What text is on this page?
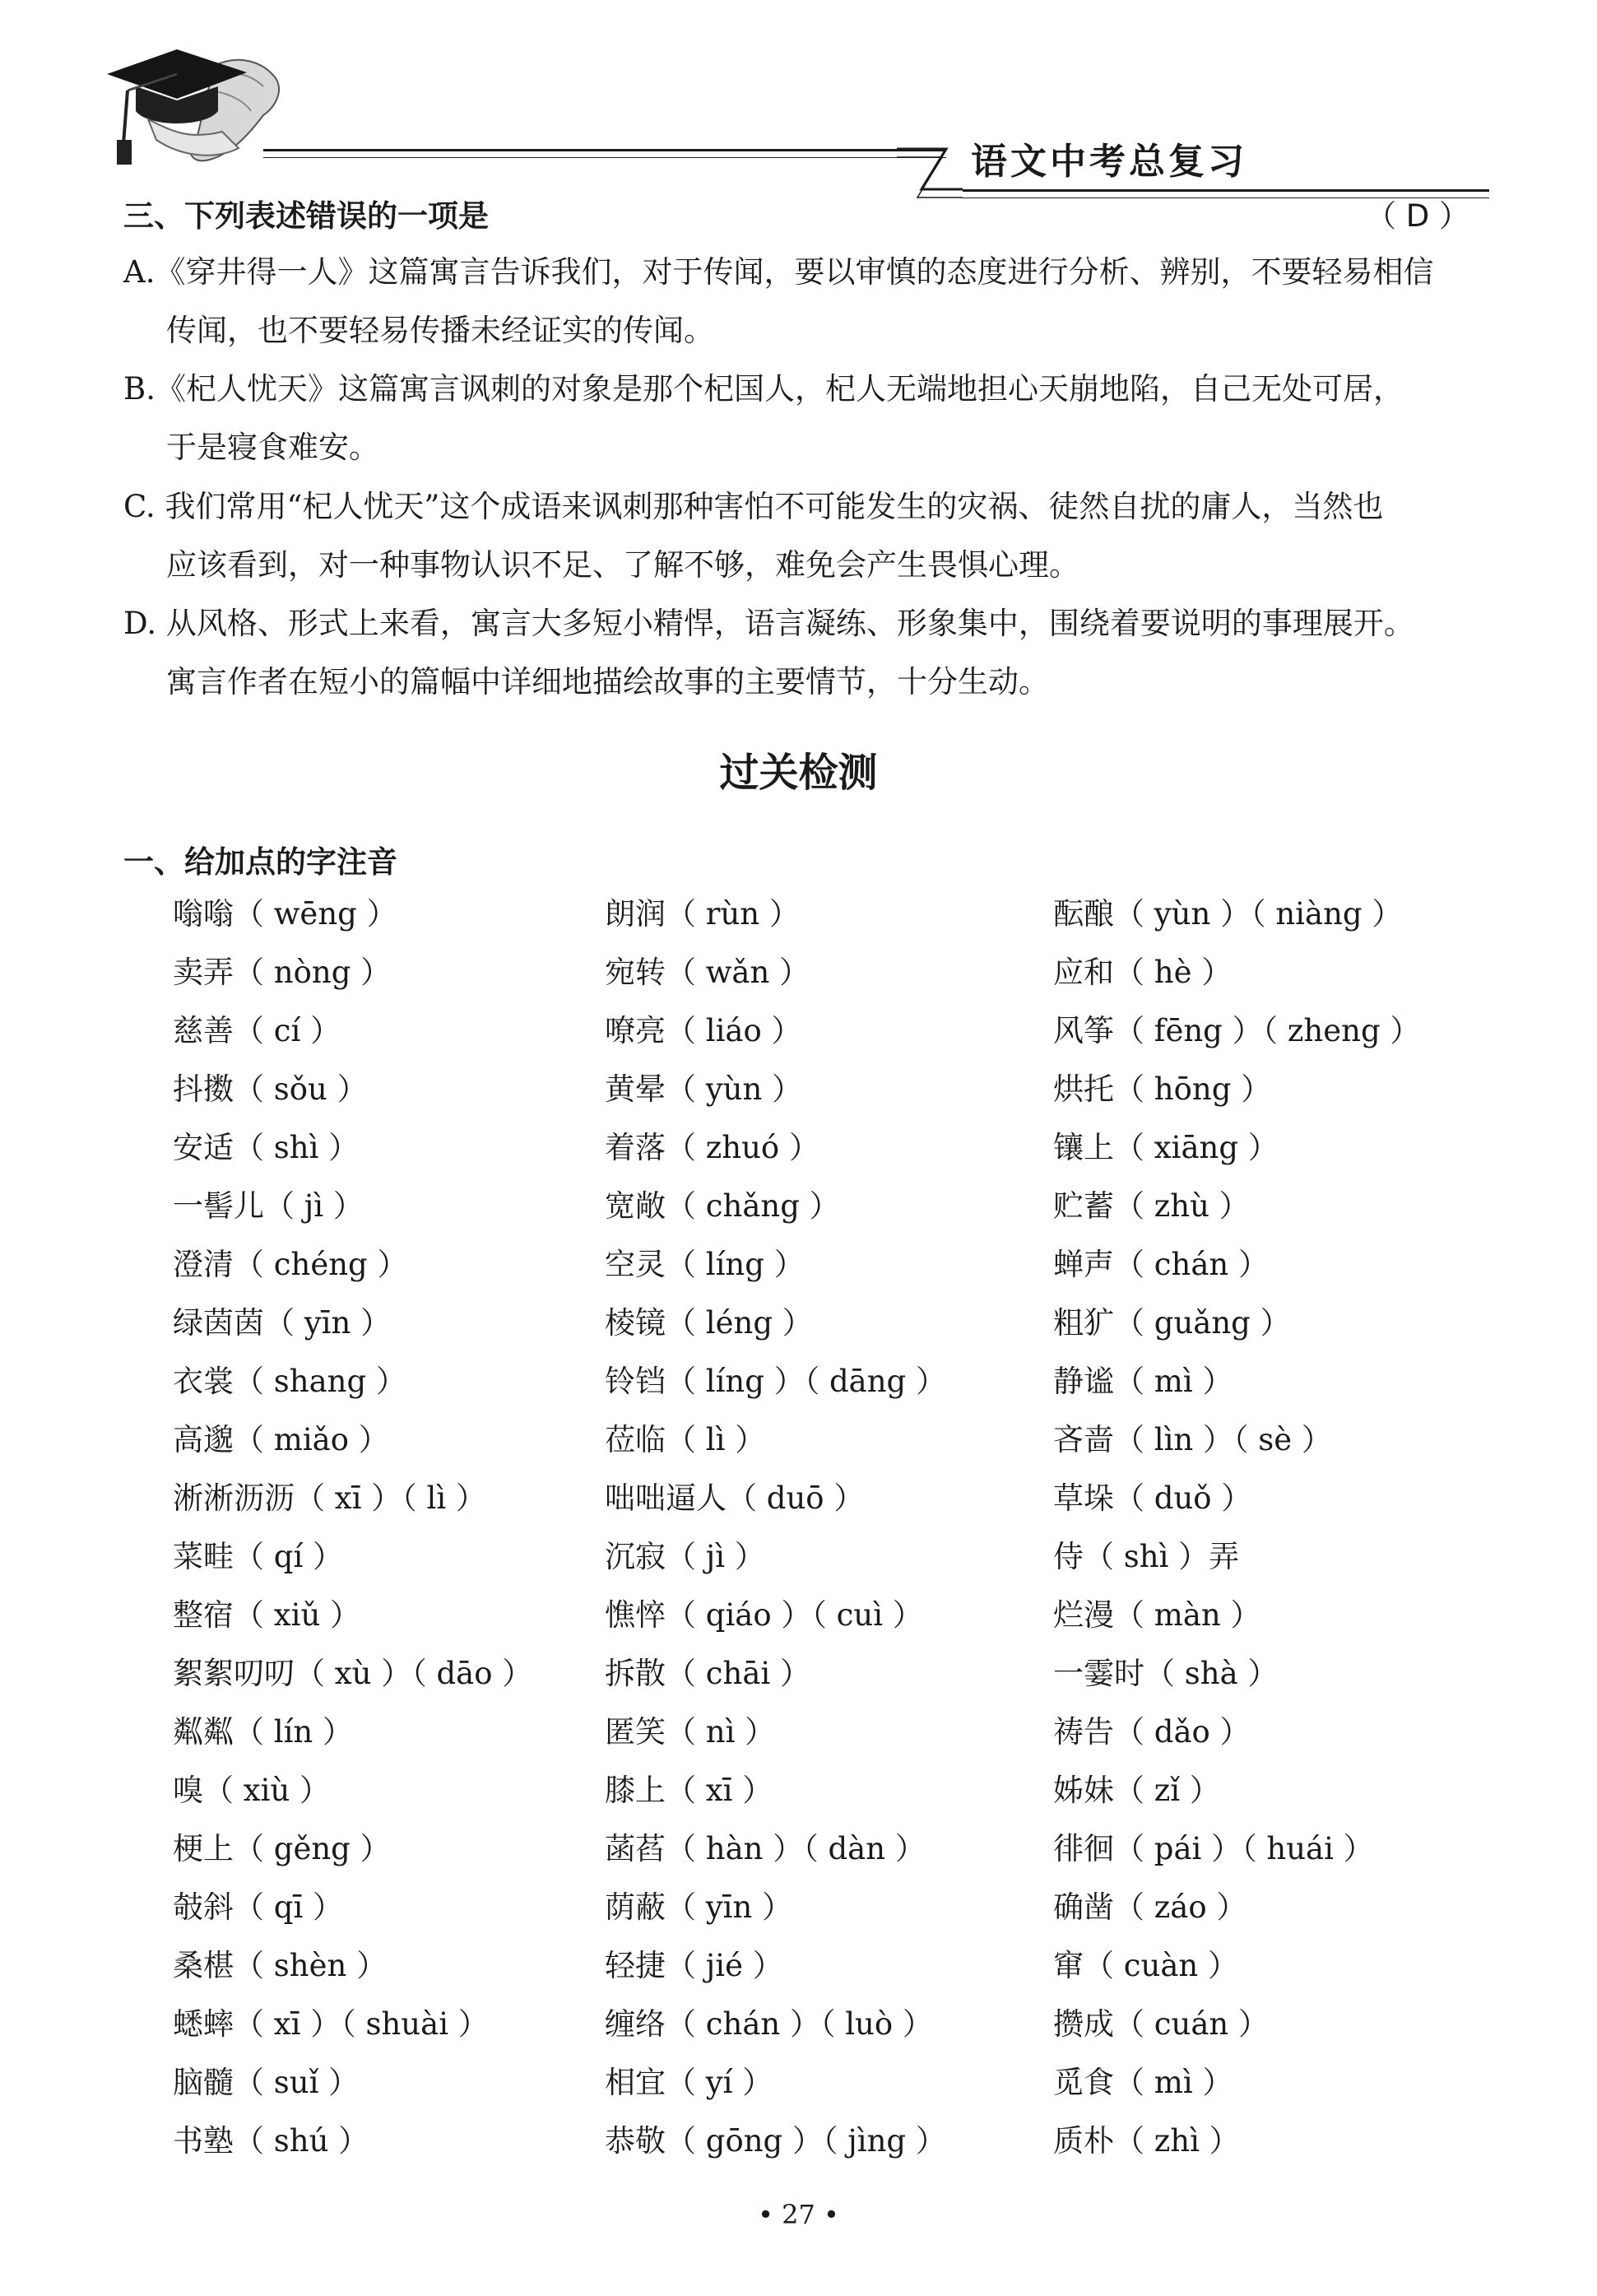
语文中考总复习
三、下列表述错误的一项是	（ D ）
A.《穿井得一人》这篇寓言告诉我们，对于传闻，要以审慎的态度进行分析、辨别，不要轻易相信
传闻，也不要轻易传播未经证实的传闻。
B.《杞人忧天》这篇寓言讽刺的对象是那个杞国人，杞人无端地担心天崩地陷，自己无处可居，
于是寝食难安。
C. 我们常用“杞人忧天”这个成语来讽刺那种害怕不可能发生的灾祸、徒然自扰的庸人，当然也
应该看到，对一种事物认识不足、了解不够，难免会产生畏惧心理。
D. 从风格、形式上来看，寓言大多短小精悍，语言凝练、形象集中，围绕着要说明的事理展开。
寓言作者在短小的篇幅中详细地描绘故事的主要情节，十分生动。
过关检测
一、给加点的字注音
嗡嗡（ wēng ）	朗润（ rùn ）	酝酿（ yùn ）（ niàng ）
卖弄（ nòng ）	宛转（ wǎn ）	应和（ hè ）
慈善（ cí ）	嘹亮（ liáo ）	风筝（ fēng ）（ zheng ）
抖擞（ sǒu ）	黄晕（ yùn ）	烘托（ hōng ）
安适（ shì ）	着落（ zhuó ）	镶上（ xiāng ）
一髻儿（ jì ）	宽敞（ chǎng ）	贮蓄（ zhù ）
澄清（ chéng ）	空灵（ líng ）	蝉声（ chán ）
绿茵茵（ yīn ）	棱镜（ léng ）	粗犷（ guǎng ）
衣裳（ shang ）	铃铛（ líng ）（ dāng ）	静谧（ mì ）
高邈（ miǎo ）	莅临（ lì ）	吝啬（ lìn ）（ sè ）
淅淅沥沥（ xī ）（ lì ）	咄咄逼人（ duō ）	草垛（ duǒ ）
菜畦（ qí ）	沉寂（ jì ）	侍（ shì ）弄
整宿（ xiǔ ）	憔悴（ qiáo ）（ cuì ）	烂漫（ màn ）
絮絮叨叨（ xù ）（ dāo ） 拆散（ chāi ）	一霎时（ shà ）
粼粼（ lín ）	匿笑（ nì ）	祷告（ dǎo ）
嗅（ xiù ）	膝上（ xī ）	姊妹（ zǐ ）
梗上（ gěng ）	菡萏（ hàn ）（ dàn ）	徘徊（ pái ）（ huái ）
攲斜（ qī ）	荫蔽（ yīn ）	确凿（ záo ）
桑椹（ shèn ）	轻捷（ jié ）	窜（ cuàn ）
蟋蟀（ xī ）（ shuài ）	缠络（ chán ）（ luò ）	攒成（ cuán ）
脑髓（ suǐ ）	相宜（ yí ）	觅食（ mì ）
书塾（ shú ）	恭敬（ gōng ）（ jìng ）	质朴（ zhì ）
• 27 •
